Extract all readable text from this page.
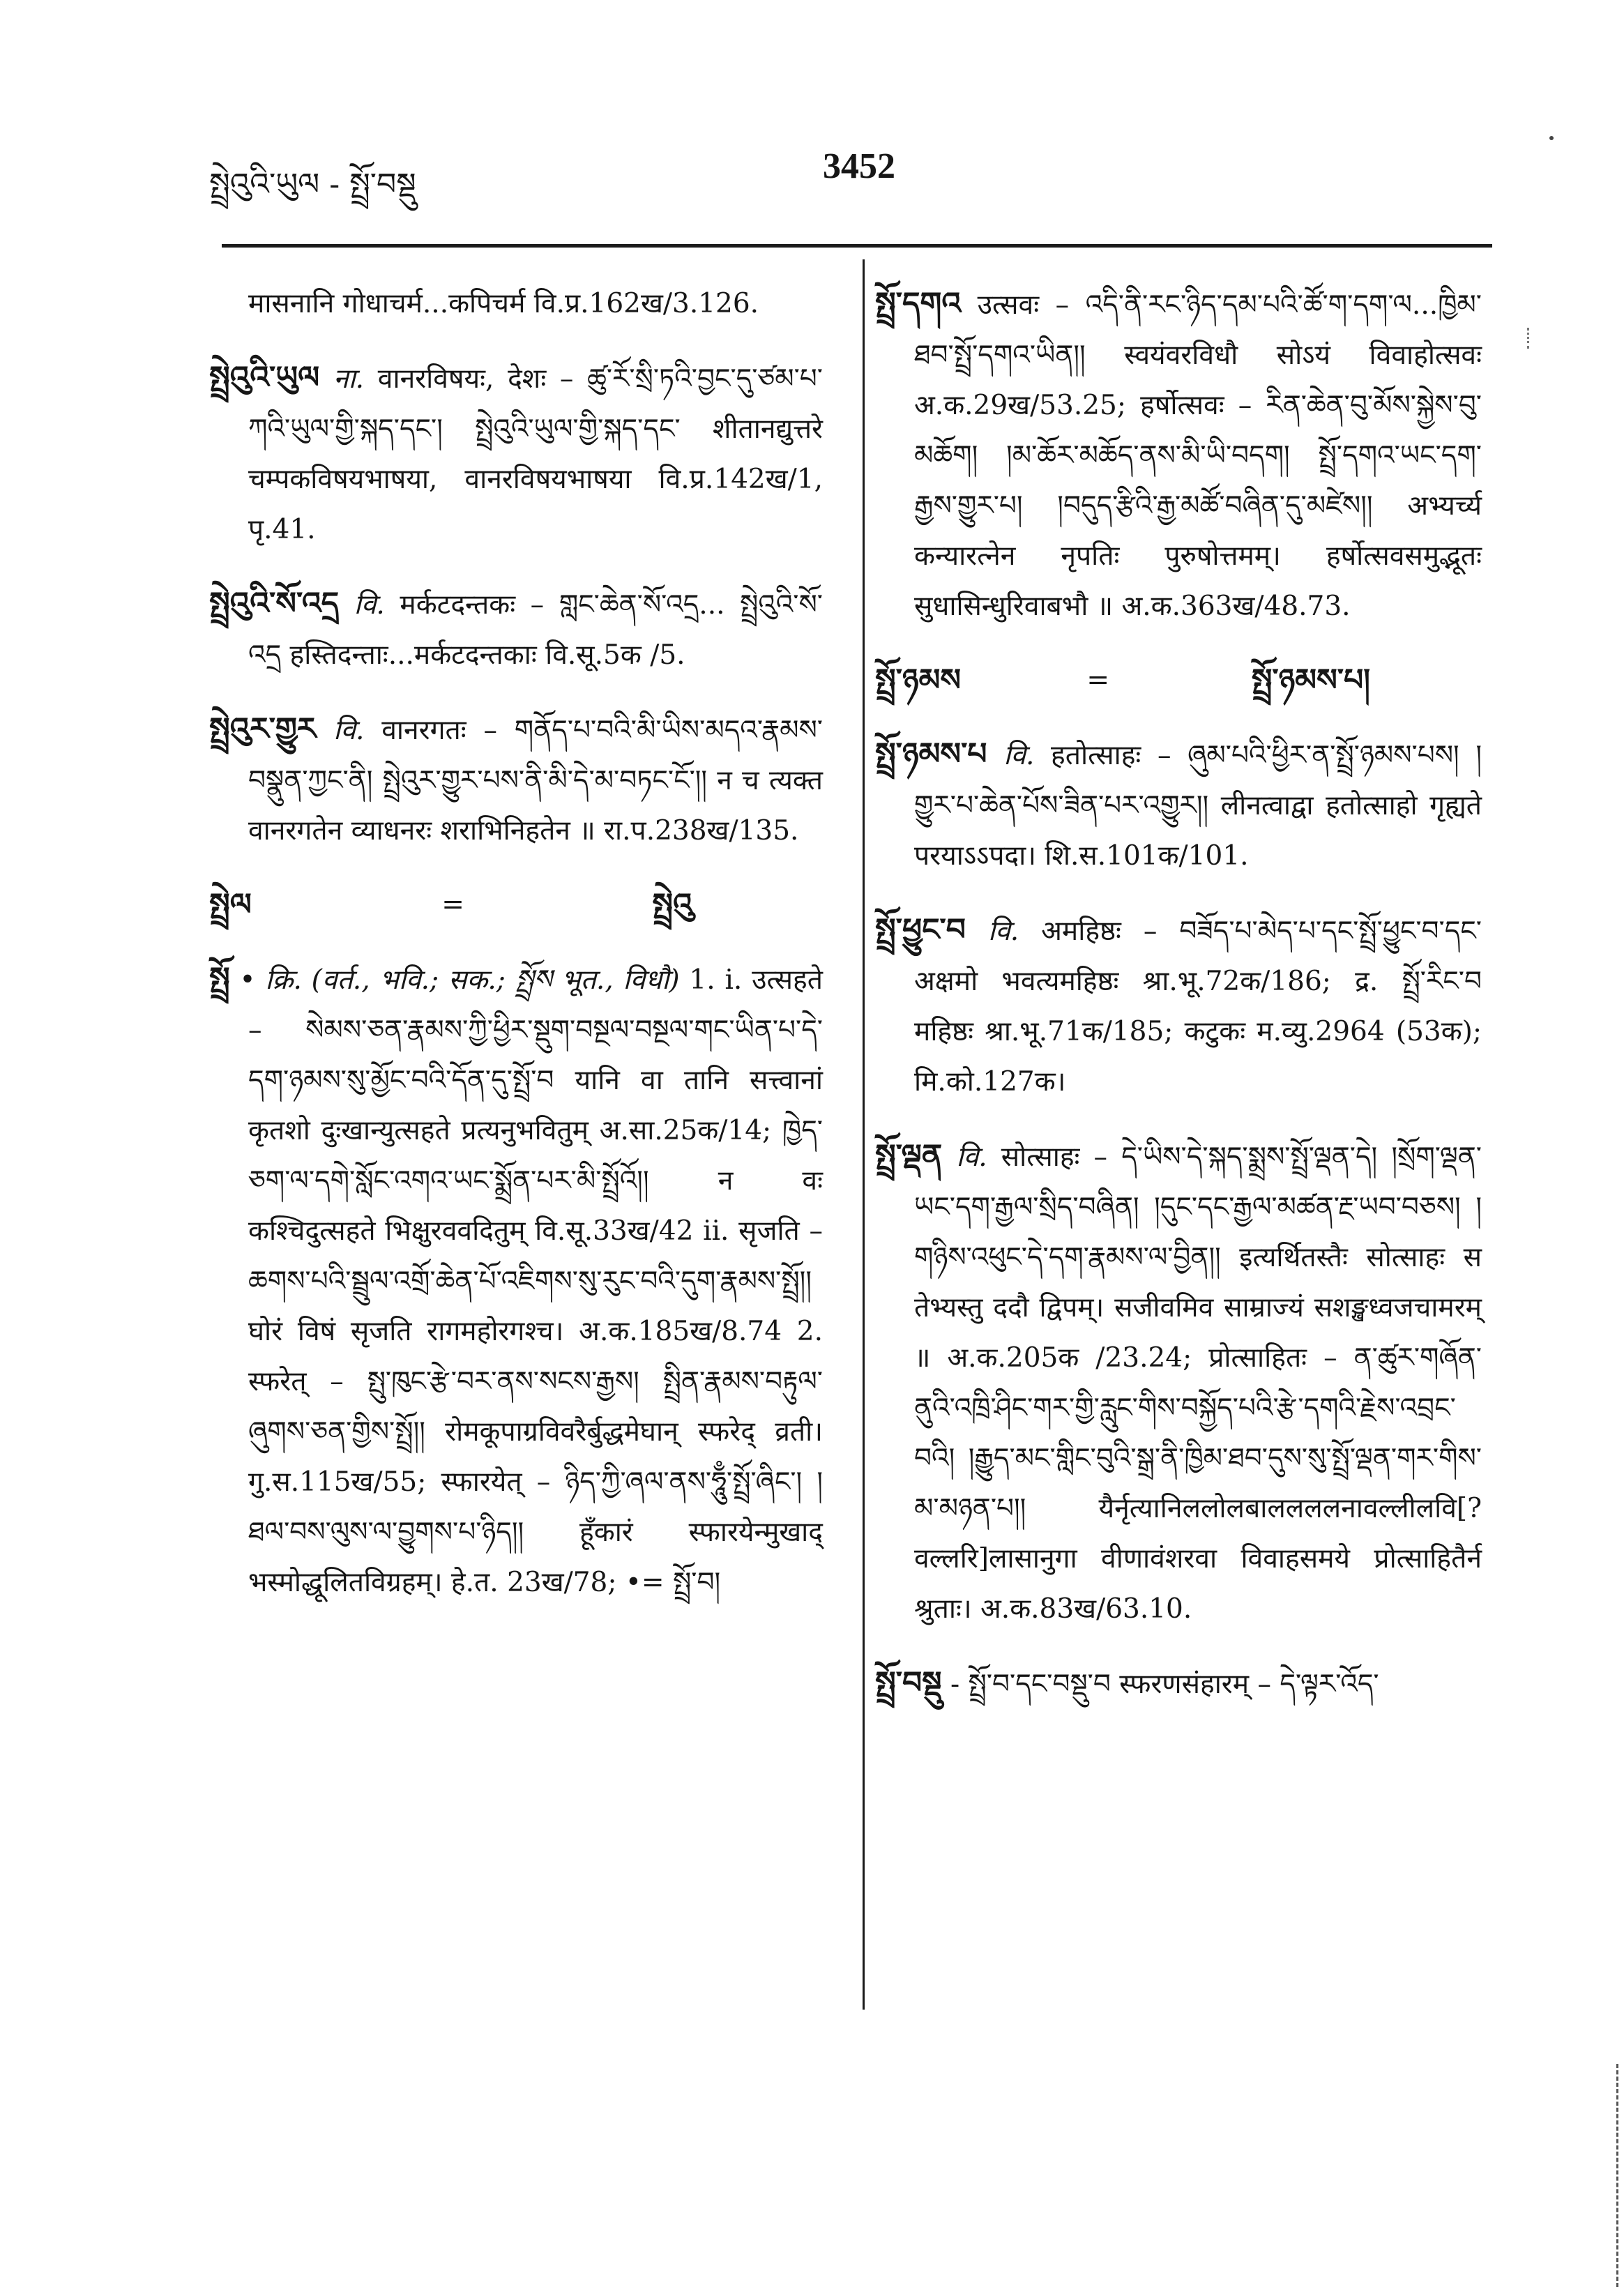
སྤྲེའུའི་ཡུལ - སྤྲོ་བསྡུ	3452
मासनानि गोधाचर्म...कपिचर्म वि.प्र.162ख/3.126.
སྤྲེའུའི་ཡུལ ना. वानरविषयः, देशः – ཚུ་རོ་སྲི་ཏའི་བྱང་དུ་ཙམ་པ་ཀའི་ཡུལ་གྱི་སྐད་དང་། སྤྲེའུའི་ཡུལ་གྱི་སྐད་དང་ शीतानद्युत्तरे चम्पकविषयभाषया, वानरविषयभाषया वि.प्र.142ख/1, पृ.41.
སྤྲེའུའི་སོ་འདྲ वि. मर्कटदन्तकः – གླང་ཆེན་སོ་འདྲ... སྤྲེའུའི་སོ་འདྲ हस्तिदन्ताः...मर्कटदन्तकाः वि.सू.5क /5.
སྤྲེའུར་གྱུར वि. वानरगतः – གནོད་པ་བའི་མི་ཡིས་མདའ་རྣམས་བསྣུན་ཀྱང་ནི། སྤྲེའུར་གྱུར་པས་ནི་མི་དེ་མ་བཏང་ངོ་།། न च त्यक्त वानरगतेन व्याधनरः शराभिनिहतेन ॥ रा.प.238ख/135.
སྤྲེལ	=	སྤྲེའུ
སྤྲོ • क्रि. (वर्त., भवि.; सक.; སྤྲོས भूत., विधौ) 1. i. उत्सहते – སེམས་ཅན་རྣམས་ཀྱི་ཕྱིར་སྡུག་བསྔལ་བསྔལ་གང་ཡིན་པ་དེ་དག་ཉམས་སུ་མྱོང་བའི་དོན་དུ་སྤྲོ་བ यानि वा तानि सत्त्वानां कृतशो दुःखान्युत्सहते प्रत्यनुभवितुम् अ.सा.25क/14; ཁྱེད་ཅག་ལ་དགེ་སློང་འགའ་ཡང་སྨྲོན་པར་མི་སྤྲོའོ།། न वः कश्चिदुत्सहते भिक्षुरववदितुम् वि.सू.33ख/42 ii. सृजति – ཆགས་པའི་སྦྲུལ་འགྲོ་ཆེན་པོ་འཇིགས་སུ་རུང་བའི་དུག་རྣམས་སྤྲོ།། घोरं विषं सृजति रागमहोरगश्च। अ.क.185ख/8.74 2. स्फरेत् – སྤུ་ཁུང་རྩེ་བར་ནས་སངས་རྒྱས། སྤྲིན་རྣམས་བརྟུལ་ཞུགས་ཅན་གྱིས་སྤྲོ།། रोमकूपाग्रविवरैर्बुद्धमेघान् स्फरेद् व्रती। गु.स.115ख/55; स्फारयेत् – ཉིད་ཀྱི་ཞལ་ནས་ཧཱུྃ་སྤྲོ་ཞིང་། །ཐལ་བས་ལུས་ལ་བྱུགས་པ་ཉིད།། हूँकारं स्फारयेन्मुखाद् भस्मोद्धूलितविग्रहम्। हे.त. 23ख/78; •= སྤྲོ་བ།
སྤྲོ་དགའ उत्सवः – འདི་ནི་རང་ཉིད་དམ་པའི་ཚོ་ག་དག་ལ...ཁྱིམ་ཐབ་སྤྲོ་དགའ་ཡིན།། स्वयंवरविधौ सोऽयं विवाहोत्सवः अ.क.29ख/53.25; हर्षोत्सवः – རིན་ཆེན་བུ་མོས་སྐྱེས་བུ་མཆོག། །མ་ཆོར་མཆོད་ནས་མི་ཡི་བདག། སྤྲོ་དགའ་ཡང་དག་རྒྱས་གྱུར་པ། །བདུད་རྩིའི་རྒྱ་མཚོ་བཞིན་དུ་མཛེས།། अभ्यर्च्य कन्यारत्नेन नृपतिः पुरुषोत्तमम्। हर्षोत्सवसमुद्भूतः सुधासिन्धुरिवाबभौ ॥ अ.क.363ख/48.73.
སྤྲོ་ཉམས	=	སྤྲོ་ཉམས་པ།
སྤྲོ་ཉམས་པ वि. हतोत्साहः – ཞུམ་པའི་ཕྱིར་ན་སྤྲོ་ཉམས་པས། །གྱུར་པ་ཆེན་པོས་ཟིན་པར་འགྱུར།། लीनत्वाद्वा हतोत्साहो गृह्यते परयाऽऽपदा। शि.स.101क/101.
སྤྲོ་ཕྱུང་བ वि. अमहिष्ठः – བཟོད་པ་མེད་པ་དང་སྤྲོ་ཕྱུང་བ་དང་ अक्षमो भवत्यमहिष्ठः श्रा.भू.72क/186; द्र. སྤྲོ་རིང་བ महिष्ठः श्रा.भू.71क/185; कटुकः म.व्यु.2964 (53क); मि.को.127क।
སྤྲོ་ལྡན वि. सोत्साहः – དེ་ཡིས་དེ་སྐད་སྨྲས་སྤྲོ་ལྡན་དེ། །སྲོག་ལྡན་ཡང་དག་རྒྱལ་སྲིད་བཞིན། །དུང་དང་རྒྱལ་མཚན་རྔ་ཡབ་བཅས། །གཉིས་འཕུང་དེ་དག་རྣམས་ལ་བྱིན།། इत्यर्थितस्तैः सोत्साहः स तेभ्यस्तु ददौ द्विपम्। सजीवमिव साम्राज्यं सशङ्खध्वजचामरम् ॥ अ.क.205क /23.24; प्रोत्साहितः – ན་ཚུར་གཞོན་ནུའི་འཁྲི་ཤིང་གར་གྱི་རླུང་གིས་བསྐྱོད་པའི་རྩེ་དགའི་རྗེས་འབྲང་བའི། །རྒྱུད་མང་གླིང་བུའི་སྒྲ་ནི་ཁྱིམ་ཐབ་དུས་སུ་སྤྲོ་ལྡན་གར་གིས་མ་མཉན་པ།། यैर्नृत्यानिललोलबाललललनावल्लीलवि[?वल्लरि]लासानुगा वीणावंशरवा विवाहसमये प्रोत्साहितैर्न श्रुताः। अ.क.83ख/63.10.
སྤྲོ་བསྡུ - སྤྲོ་བ་དང་བསྡུ་བ स्फरणसंहारम् – དེ་ལྟར་འོད་
